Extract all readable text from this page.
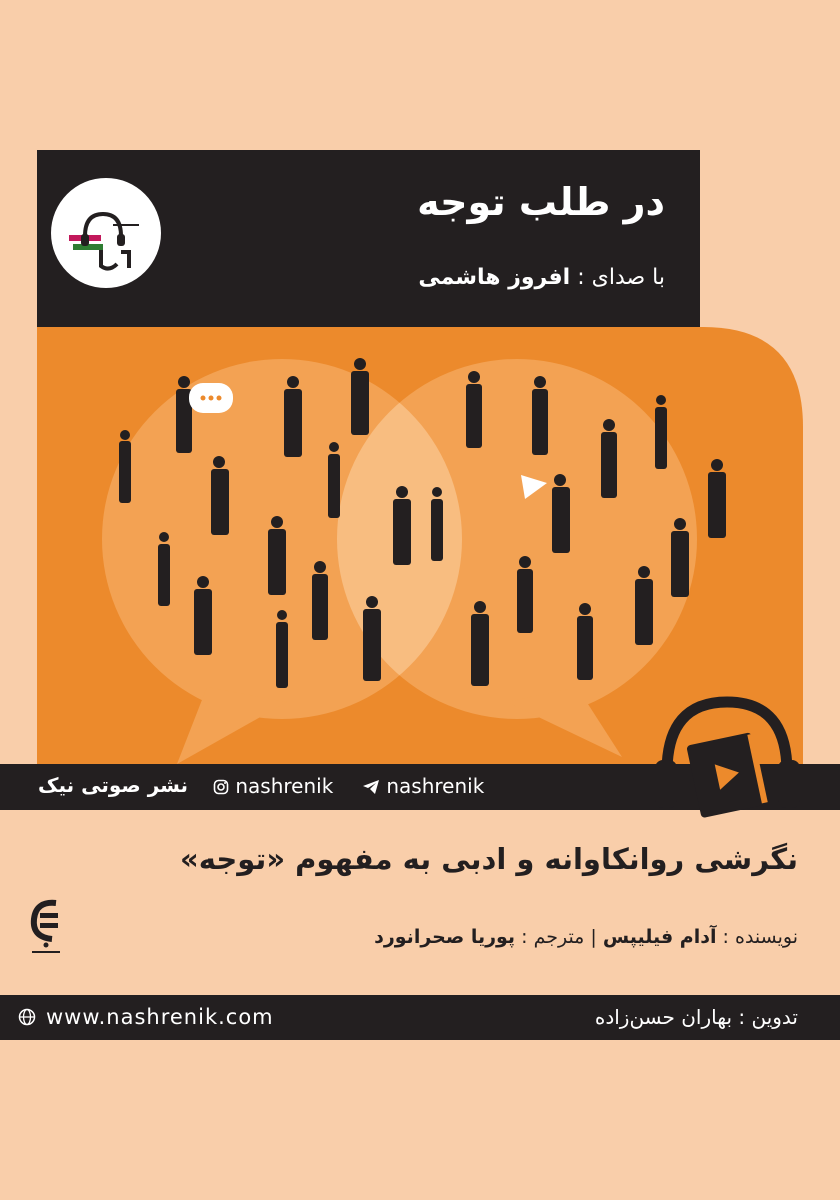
در طلب توجه
با صدای : افروز هاشمی
نشر صوتی نیک	nashrenik	nashrenik
نگرشی روانکاوانه و ادبی به مفهوم «توجه»
نویسنده : آدام فیلیپس | مترجم : پوریا صحرانورد
www.nashrenik.com	تدوین : بهاران حسن‌زاده
